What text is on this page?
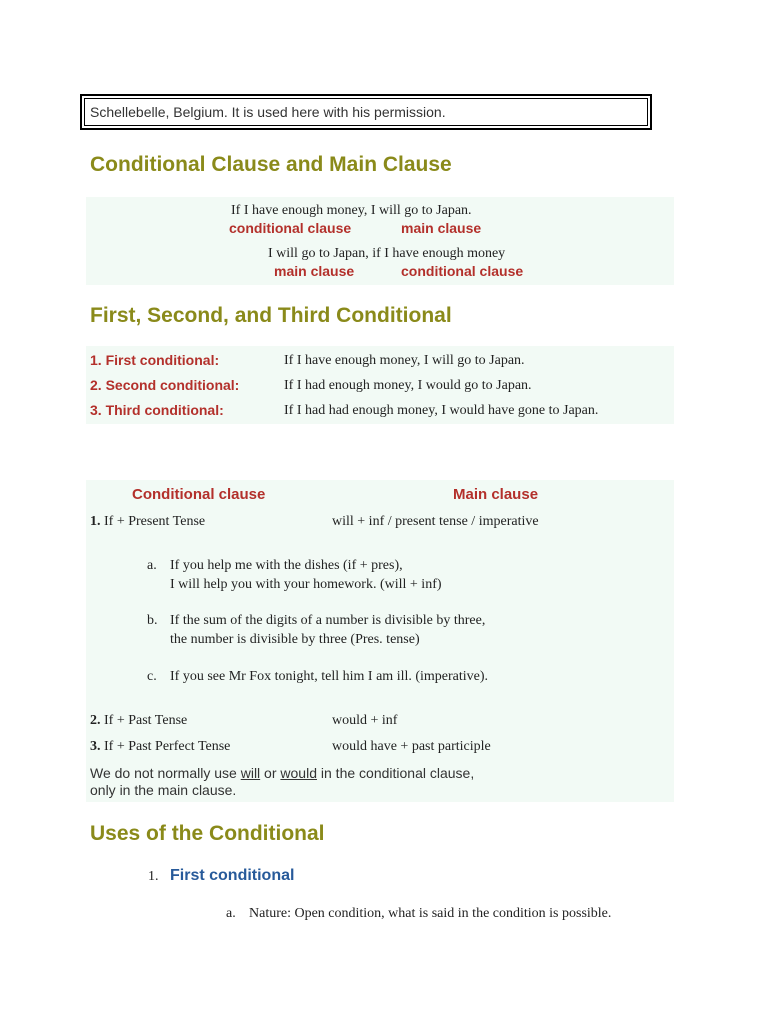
Schellebelle, Belgium. It is used here with his permission.
Conditional Clause and Main Clause
If I have enough money, I will go to Japan.
conditional clause	main clause
I will go to Japan, if I have enough money
main clause	conditional clause
First, Second, and Third Conditional
1. First conditional:	If I have enough money, I will go to Japan.
2. Second conditional:	If I had enough money, I would go to Japan.
3. Third conditional:	If I had had enough money, I would have gone to Japan.
Conditional clause	Main clause
1. If + Present Tense	will + inf / present tense / imperative
a. If you help me with the dishes (if + pres),
I will help you with your homework. (will + inf)
b. If the sum of the digits of a number is divisible by three,
the number is divisible by three (Pres. tense)
c. If you see Mr Fox tonight, tell him I am ill. (imperative).
2. If + Past Tense	would + inf
3. If + Past Perfect Tense	would have + past participle
We do not normally use will or would in the conditional clause,
only in the main clause.
Uses of the Conditional
1. First conditional
a. Nature: Open condition, what is said in the condition is possible.
